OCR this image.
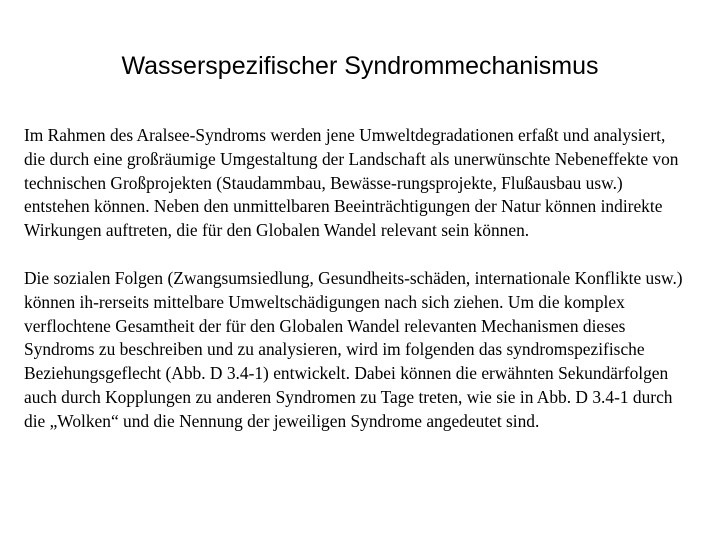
Wasserspezifischer Syndrommechanismus

Im Rahmen des Aralsee-Syndroms werden jene Umweltdegradationen erfaßt und analysiert, die durch eine großräumige Umgestaltung der Landschaft als unerwünschte Nebeneffekte von technischen Großprojekten (Staudammbau, Bewässe-rungsprojekte, Flußausbau usw.) entstehen können. Neben den unmittelbaren Beeinträchtigungen der Natur können indirekte Wirkungen auftreten, die für den Globalen Wandel relevant sein können.

Die sozialen Folgen (Zwangsumsiedlung, Gesundheits-schäden, internationale Konflikte usw.) können ih-rerseits mittelbare Umweltschädigungen nach sich ziehen. Um die komplex verflochtene Gesamtheit der für den Globalen Wandel relevanten Mechanismen dieses Syndroms zu beschreiben und zu analysieren, wird im folgenden das syndromspezifische Beziehungsgeflecht (Abb. D 3.4-1) entwickelt. Dabei können die erwähnten Sekundärfolgen auch durch Kopplungen zu anderen Syndromen zu Tage treten, wie sie in Abb. D 3.4-1 durch die „Wolken“ und die Nennung der jeweiligen Syndrome angedeutet sind.
